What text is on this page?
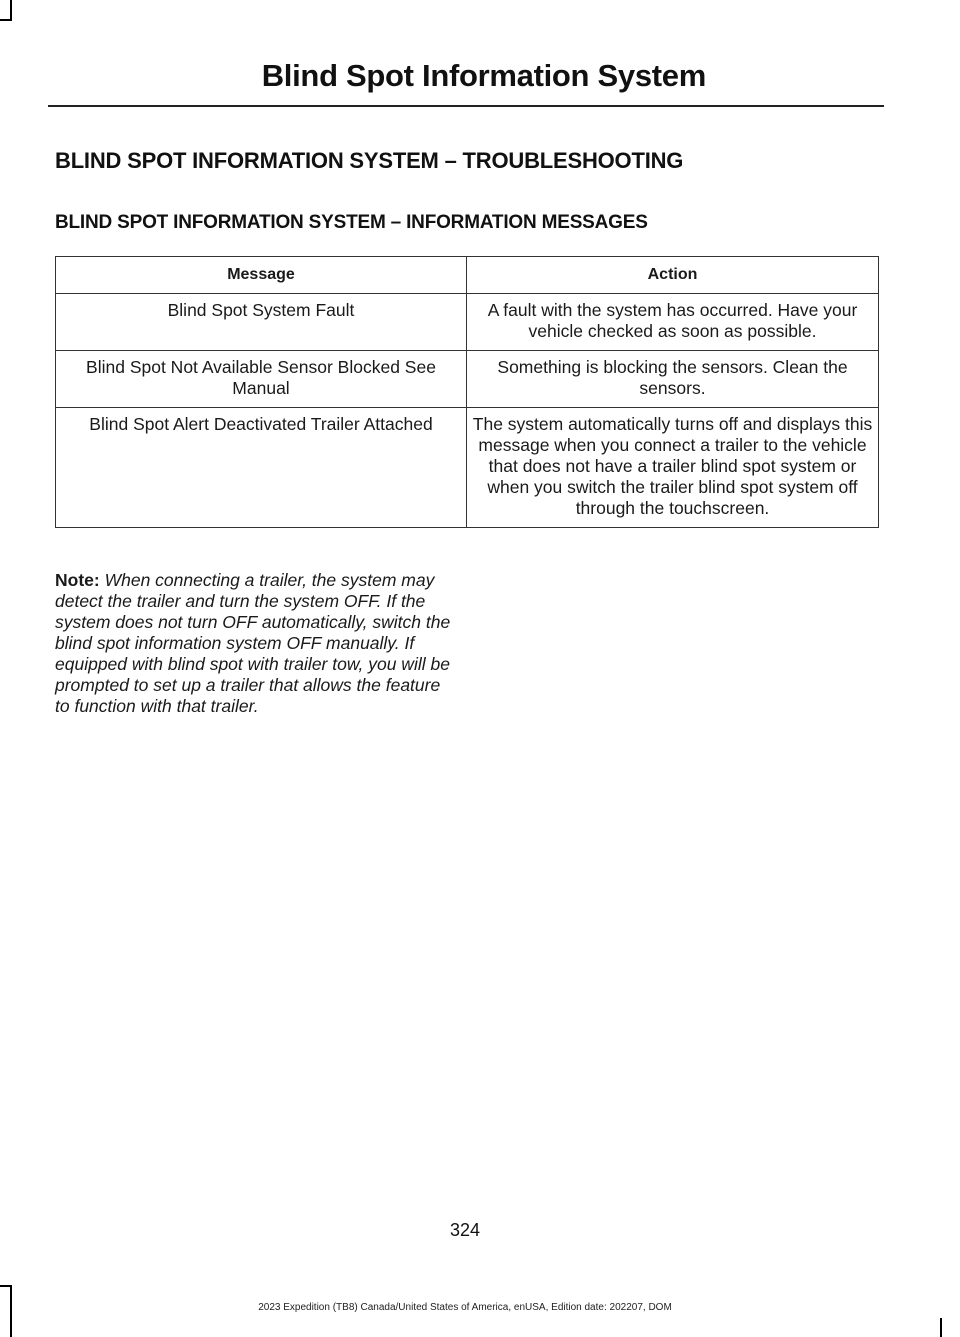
Blind Spot Information System
BLIND SPOT INFORMATION SYSTEM – TROUBLESHOOTING
BLIND SPOT INFORMATION SYSTEM – INFORMATION MESSAGES
Message	Action
Blind Spot System Fault	A fault with the system has occurred. Have your vehicle checked as soon as possible.
Blind Spot Not Available Sensor Blocked See Manual	Something is blocking the sensors. Clean the sensors.
Blind Spot Alert Deactivated Trailer Attached	The system automatically turns off and displays this message when you connect a trailer to the vehicle that does not have a trailer blind spot system or when you switch the trailer blind spot system off through the touchscreen.
Note: When connecting a trailer, the system may detect the trailer and turn the system OFF. If the system does not turn OFF automatically, switch the blind spot information system OFF manually. If equipped with blind spot with trailer tow, you will be prompted to set up a trailer that allows the feature to function with that trailer.
324
2023 Expedition (TB8) Canada/United States of America, enUSA, Edition date: 202207, DOM
